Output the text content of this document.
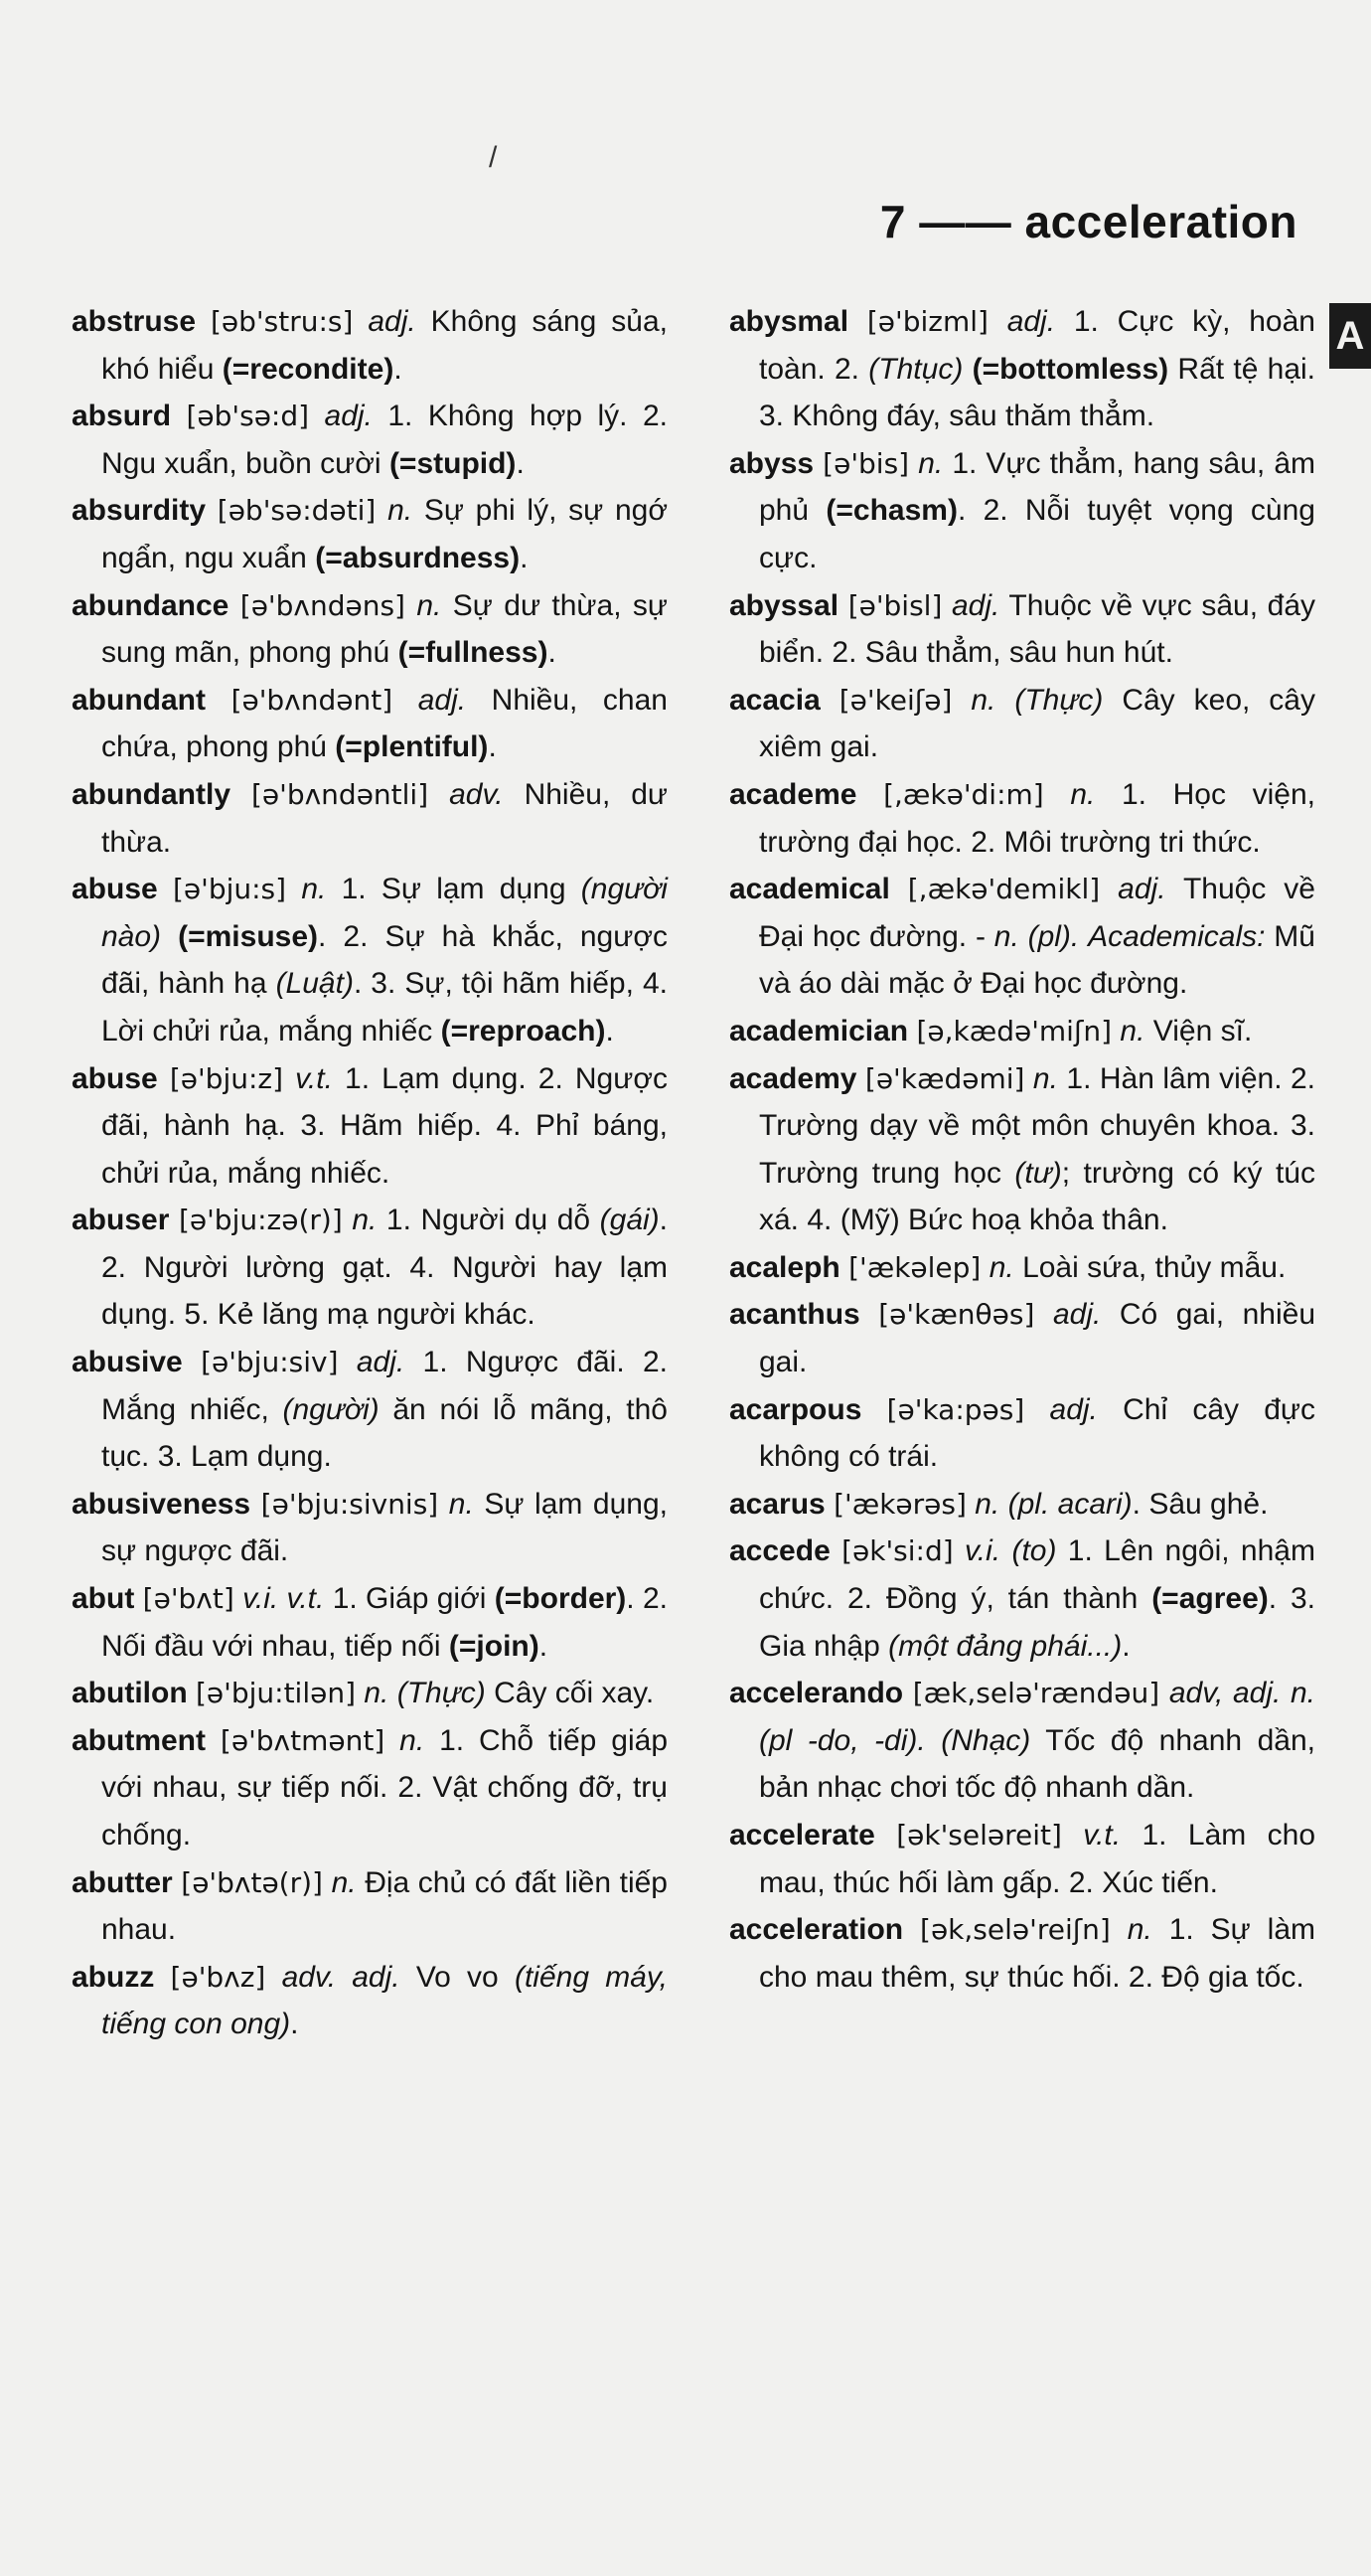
/
7 —— acceleration
A
abstruse [əb'stru:s] adj. Không sáng sủa, khó hiểu (=recondite).
absurd [əb'sə:d] adj. 1. Không hợp lý. 2. Ngu xuẩn, buồn cười (=stupid).
absurdity [əb'sə:dəti] n. Sự phi lý, sự ngớ ngẩn, ngu xuẩn (=absurdness).
abundance [ə'bʌndəns] n. Sự dư thừa, sự sung mãn, phong phú (=fullness).
abundant [ə'bʌndənt] adj. Nhiều, chan chứa, phong phú (=plentiful).
abundantly [ə'bʌndəntli] adv. Nhiều, dư thừa.
abuse [ə'bju:s] n. 1. Sự lạm dụng (người nào) (=misuse). 2. Sự hà khắc, ngược đãi, hành hạ (Luật). 3. Sự, tội hãm hiếp, 4. Lời chửi rủa, mắng nhiếc (=reproach).
abuse [ə'bju:z] v.t. 1. Lạm dụng. 2. Ngược đãi, hành hạ. 3. Hãm hiếp. 4. Phỉ báng, chửi rủa, mắng nhiếc.
abuser [ə'bju:zə(r)] n. 1. Người dụ dỗ (gái). 2. Người lường gạt. 4. Người hay lạm dụng. 5. Kẻ lăng mạ người khác.
abusive [ə'bju:siv] adj. 1. Ngược đãi. 2. Mắng nhiếc, (người) ăn nói lỗ mãng, thô tục. 3. Lạm dụng.
abusiveness [ə'bju:sivnis] n. Sự lạm dụng, sự ngược đãi.
abut [ə'bʌt] v.i. v.t. 1. Giáp giới (=border). 2. Nối đầu với nhau, tiếp nối (=join).
abutilon [ə'bju:tilən] n. (Thực) Cây cối xay.
abutment [ə'bʌtmənt] n. 1. Chỗ tiếp giáp với nhau, sự tiếp nối. 2. Vật chống đỡ, trụ chống.
abutter [ə'bʌtə(r)] n. Địa chủ có đất liền tiếp nhau.
abuzz [ə'bʌz] adv. adj. Vo vo (tiếng máy, tiếng con ong).
abysmal [ə'bizml] adj. 1. Cực kỳ, hoàn toàn. 2. (Thtục) (=bottomless) Rất tệ hại. 3. Không đáy, sâu thăm thẳm.
abyss [ə'bis] n. 1. Vực thẳm, hang sâu, âm phủ (=chasm). 2. Nỗi tuyệt vọng cùng cực.
abyssal [ə'bisl] adj. Thuộc về vực sâu, đáy biển. 2. Sâu thẳm, sâu hun hút.
acacia [ə'keiʃə] n. (Thực) Cây keo, cây xiêm gai.
academe [,ækə'di:m] n. 1. Học viện, trường đại học. 2. Môi trường tri thức.
academical [,ækə'demikl] adj. Thuộc về Đại học đường. - n. (pl). Academicals: Mũ và áo dài mặc ở Đại học đường.
academician [ə,kædə'miʃn] n. Viện sĩ.
academy [ə'kædəmi] n. 1. Hàn lâm viện. 2. Trường dạy về một môn chuyên khoa. 3. Trường trung học (tư); trường có ký túc xá. 4. (Mỹ) Bức hoạ khỏa thân.
acaleph ['ækəlep] n. Loài sứa, thủy mẫu.
acanthus [ə'kænθəs] adj. Có gai, nhiều gai.
acarpous [ə'ka:pəs] adj. Chỉ cây đực không có trái.
acarus ['ækərəs] n. (pl. acari). Sâu ghẻ.
accede [ək'si:d] v.i. (to) 1. Lên ngôi, nhậm chức. 2. Đồng ý, tán thành (=agree). 3. Gia nhập (một đảng phái...).
accelerando [æk,selə'rændəu] adv, adj. n. (pl -do, -di). (Nhạc) Tốc độ nhanh dần, bản nhạc chơi tốc độ nhanh dần.
accelerate [ək'seləreit] v.t. 1. Làm cho mau, thúc hối làm gấp. 2. Xúc tiến.
acceleration [ək,selə'reiʃn] n. 1. Sự làm cho mau thêm, sự thúc hối. 2. Độ gia tốc.
